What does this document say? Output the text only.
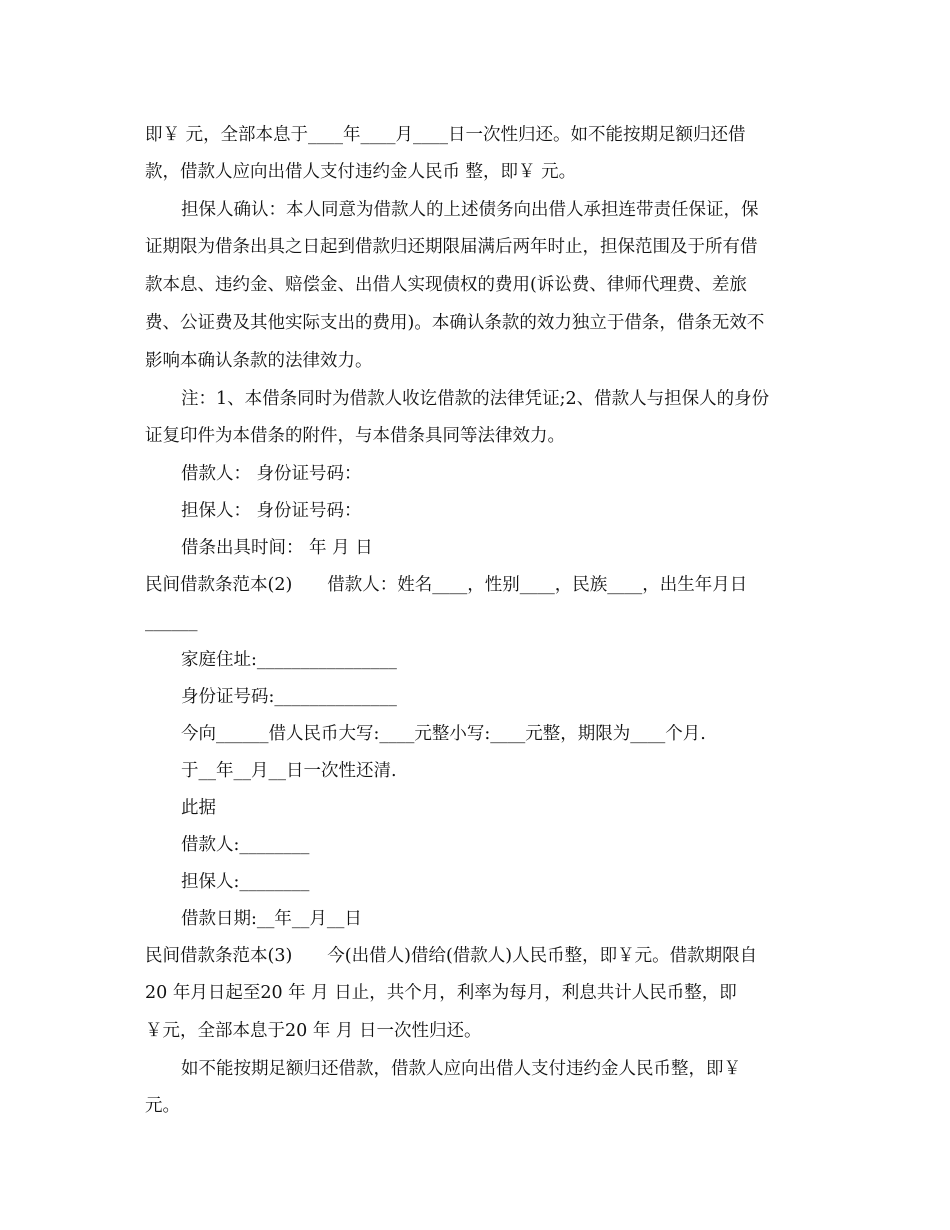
即￥ 元，全部本息于____年____月____日一次性归还。如不能按期足额归还借
款，借款人应向出借人支付违约金人民币 整，即￥ 元。
担保人确认：本人同意为借款人的上述债务向出借人承担连带责任保证，保
证期限为借条出具之日起到借款归还期限届满后两年时止，担保范围及于所有借
款本息、违约金、赔偿金、出借人实现债权的费用(诉讼费、律师代理费、差旅
费、公证费及其他实际支出的费用)。本确认条款的效力独立于借条，借条无效不
影响本确认条款的法律效力。
注：1、本借条同时为借款人收讫借款的法律凭证;2、借款人与担保人的身份
证复印件为本借条的附件，与本借条具同等法律效力。
借款人： 身份证号码：
担保人： 身份证号码：
借条出具时间： 年 月 日
民间借款条范本(2)　　借款人：姓名____，性别____，民族____，出生年月日
______
家庭住址:________________
身份证号码:______________
今向______借人民币大写:____元整小写:____元整，期限为____个月.
于__年__月__日一次性还清.
此据
借款人:________
担保人:________
借款日期:__年__月__日
民间借款条范本(3)　　今(出借人)借给(借款人)人民币整，即￥元。借款期限自
20 年月日起至20 年 月 日止，共个月，利率为每月，利息共计人民币整，即
￥元，全部本息于20 年 月 日一次性归还。
如不能按期足额归还借款，借款人应向出借人支付违约金人民币整，即￥
元。
